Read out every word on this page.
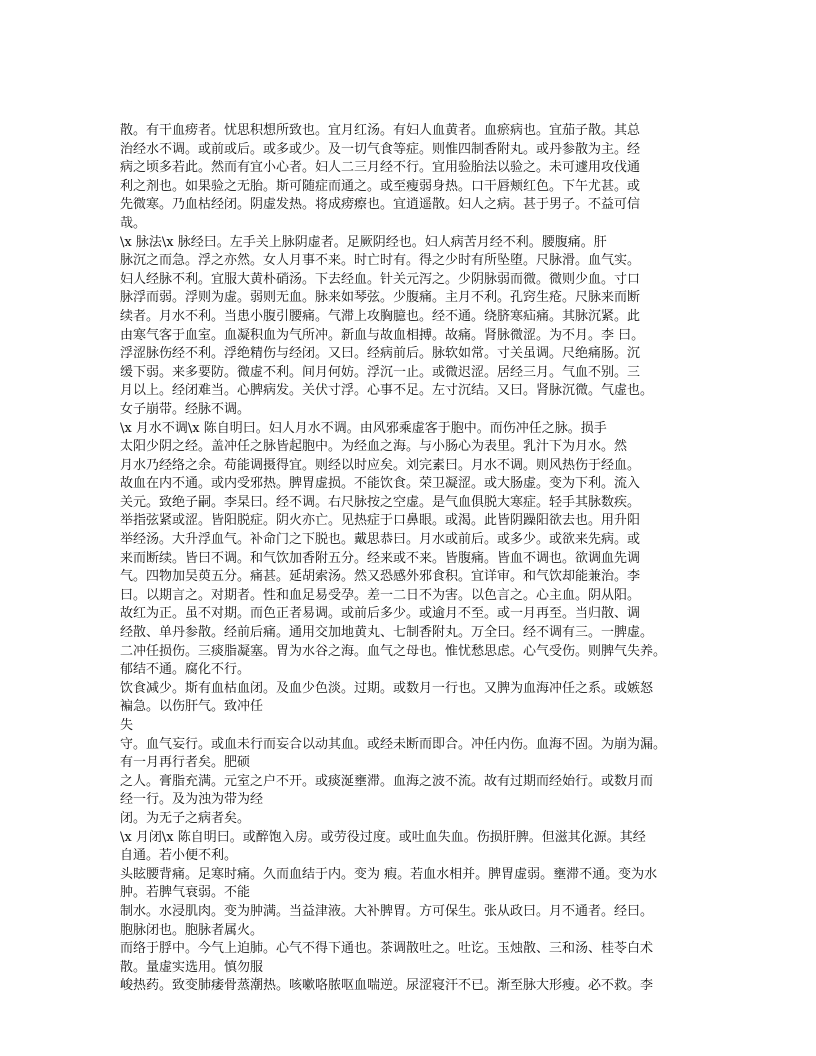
散。有干血痨者。忧思积想所致也。宜月红汤。有妇人血黄者。血瘀病也。宜茄子散。其总
治经水不调。或前或后。或多或少。及一切气食等症。则惟四制香附丸。或丹参散为主。经
病之顷多若此。然而有宜小心者。妇人二三月经不行。宜用验胎法以验之。未可遽用攻伐通
利之剂也。如果验之无胎。斯可随症而通之。或至瘦弱身热。口干唇颊红色。下午尤甚。或
先微寒。乃血枯经闭。阴虚发热。将成痨瘵也。宜逍遥散。妇人之病。甚于男子。不益可信
哉。
\x 脉法\x 脉经曰。左手关上脉阴虚者。足厥阴经也。妇人病苦月经不利。腰腹痛。肝
脉沉之而急。浮之亦然。女人月事不来。时亡时有。得之少时有所坠堕。尺脉滑。血气实。
妇人经脉不利。宜服大黄朴硝汤。下去经血。针关元泻之。少阴脉弱而微。微则少血。寸口
脉浮而弱。浮则为虚。弱则无血。脉来如琴弦。少腹痛。主月不利。孔窍生疮。尺脉来而断
续者。月水不利。当患小腹引腰痛。气滞上攻胸臆也。经不通。绕脐寒疝痛。其脉沉紧。此
由寒气客于血室。血凝积血为气所冲。新血与故血相搏。故痛。肾脉微涩。为不月。李 曰。
浮涩脉伤经不利。浮绝精伤与经闭。又曰。经病前后。脉软如常。寸关虽调。尺绝痛肠。沉
缓下弱。来多要防。微虚不利。间月何妨。浮沉一止。或微迟涩。居经三月。气血不别。三
月以上。经闭难当。心脾病发。关伏寸浮。心事不足。左寸沉结。又曰。肾脉沉微。气虚也。
女子崩带。经脉不调。
\x 月水不调\x 陈自明曰。妇人月水不调。由风邪乘虚客于胞中。而伤冲任之脉。损手
太阳少阴之经。盖冲任之脉皆起胞中。为经血之海。与小肠心为表里。乳汁下为月水。然
月水乃经络之余。苟能调摄得宜。则经以时应矣。刘完素曰。月水不调。则风热伤于经血。
故血在内不通。或内受邪热。脾胃虚损。不能饮食。荣卫凝涩。或大肠虚。变为下利。流入
关元。致绝子嗣。李杲曰。经不调。右尺脉按之空虚。是气血俱脱大寒症。轻手其脉数疾。
举指弦紧或涩。皆阳脱症。阴火亦亡。见热症于口鼻眼。或渴。此皆阴躁阳欲去也。用升阳
举经汤。大升浮血气。补命门之下脱也。戴思恭曰。月水或前后。或多少。或欲来先病。或
来而断续。皆曰不调。和气饮加香附五分。经来或不来。皆腹痛。皆血不调也。欲调血先调
气。四物加吴萸五分。痛甚。延胡索汤。然又恐感外邪食积。宜详审。和气饮却能兼治。李
曰。以期言之。对期者。性和血足易受孕。差一二日不为害。以色言之。心主血。阴从阳。
故红为正。虽不对期。而色正者易调。或前后多少。或逾月不至。或一月再至。当归散、调
经散、单丹参散。经前后痛。通用交加地黄丸、七制香附丸。万全曰。经不调有三。一脾虚。
二冲任损伤。三痰脂凝塞。胃为水谷之海。血气之母也。惟忧愁思虑。心气受伤。则脾气失养。
郁结不通。腐化不行。
饮食减少。斯有血枯血闭。及血少色淡。过期。或数月一行也。又脾为血海冲任之系。或嫉怒
褊急。以伤肝气。致冲任
失
守。血气妄行。或血未行而妄合以动其血。或经未断而即合。冲任内伤。血海不固。为崩为漏。
有一月再行者矣。肥硕
之人。膏脂充满。元室之户不开。或痰涎壅滞。血海之波不流。故有过期而经始行。或数月而
经一行。及为浊为带为经
闭。为无子之病者矣。
\x 月闭\x 陈自明曰。或醉饱入房。或劳役过度。或吐血失血。伤损肝脾。但滋其化源。其经
自通。若小便不利。
头眩腰背痛。足寒时痛。久而血结于内。变为 瘕。若血水相并。脾胃虚弱。壅滞不通。变为水
肿。若脾气衰弱。不能
制水。水浸肌肉。变为肿满。当益津液。大补脾胃。方可保生。张从政曰。月不通者。经曰。
胞脉闭也。胞脉者属火。
而络于脬中。今气上迫肺。心气不得下通也。茶调散吐之。吐讫。玉烛散、三和汤、桂苓白术
散。量虚实选用。慎勿服
峻热药。致变肺痿骨蒸潮热。咳嗽咯脓呕血喘逆。尿涩寝汗不已。渐至脉大形瘦。必不救。李
